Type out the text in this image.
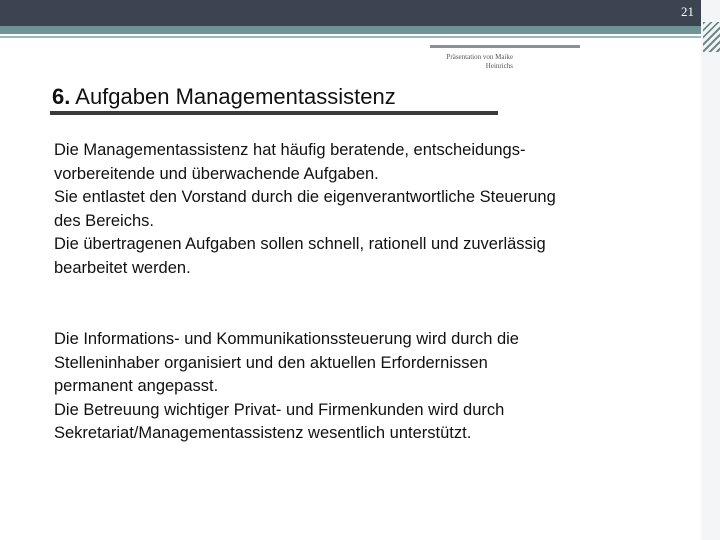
21
Präsentation von Maike
Heinrichs
6. Aufgaben Managementassistenz

Die Managementassistenz hat häufig beratende, entscheidungs-

vorbereitende und überwachende Aufgaben.

Sie entlastet den Vorstand durch die eigenverantwortliche Steuerung

des Bereichs.

Die übertragenen Aufgaben sollen schnell, rationell und zuverlässig

bearbeitet werden.

Die Informations- und Kommunikationssteuerung wird durch die

Stelleninhaber organisiert und den aktuellen Erfordernissen

permanent angepasst.

Die Betreuung wichtiger Privat- und Firmenkunden wird durch

Sekretariat/Managementassistenz wesentlich unterstützt.
